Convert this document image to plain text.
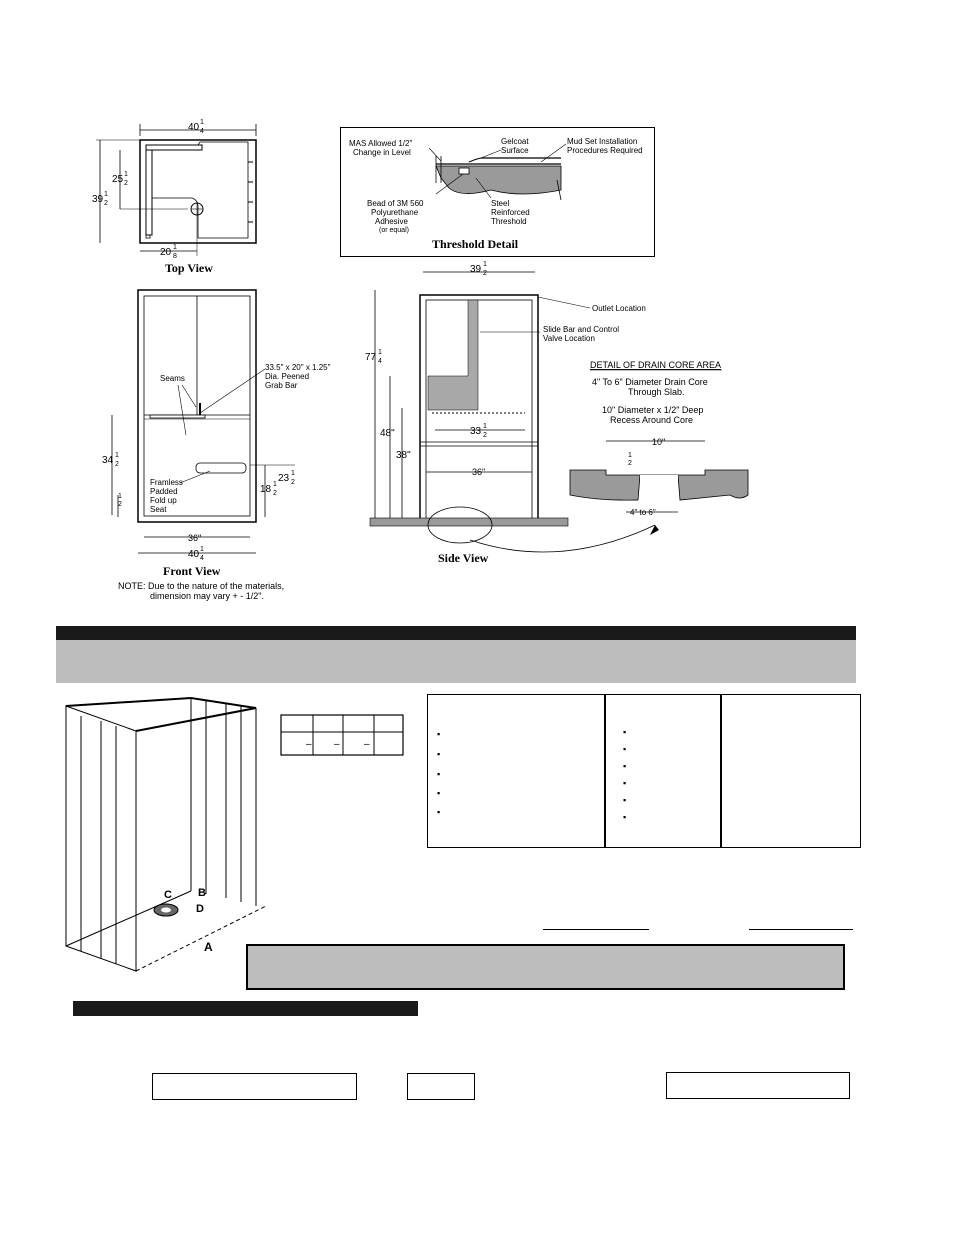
40 1
4
39 1
2
25 1
2
20 1
8
Top View
MAS Allowed 1/2"
Change in Level
Gelcoat
Surface
Mud Set Installation
Procedures Required
Bead of 3M 560
Polyurethane
Adhesive
(or equal)
Steel
Reinforced
Threshold
Threshold Detail
Seams
33.5" x 20" x 1.25"
Dia. Peened
Grab Bar
Framless
Padded
Fold up
Seat
34 1
2
1
2
23 1
2
18 1
2
36"
40 1
4
Front View
NOTE: Due to the nature of the materials,
dimension may vary + - 1/2".
39 1
2
Outlet Location
Slide Bar and Control
Valve Location
77 1
4
48"
38"
33 1
2
36"
Side View
DETAIL OF DRAIN CORE AREA
4" To 6" Diameter Drain Core
Through Slab.
10" Diameter x 1/2" Deep
Recess Around Core
10"
1
2
4" to 6"
C B
D
A
– – –
▪
▪
▪
▪
▪
▪
▪
▪
▪
▪
▪
